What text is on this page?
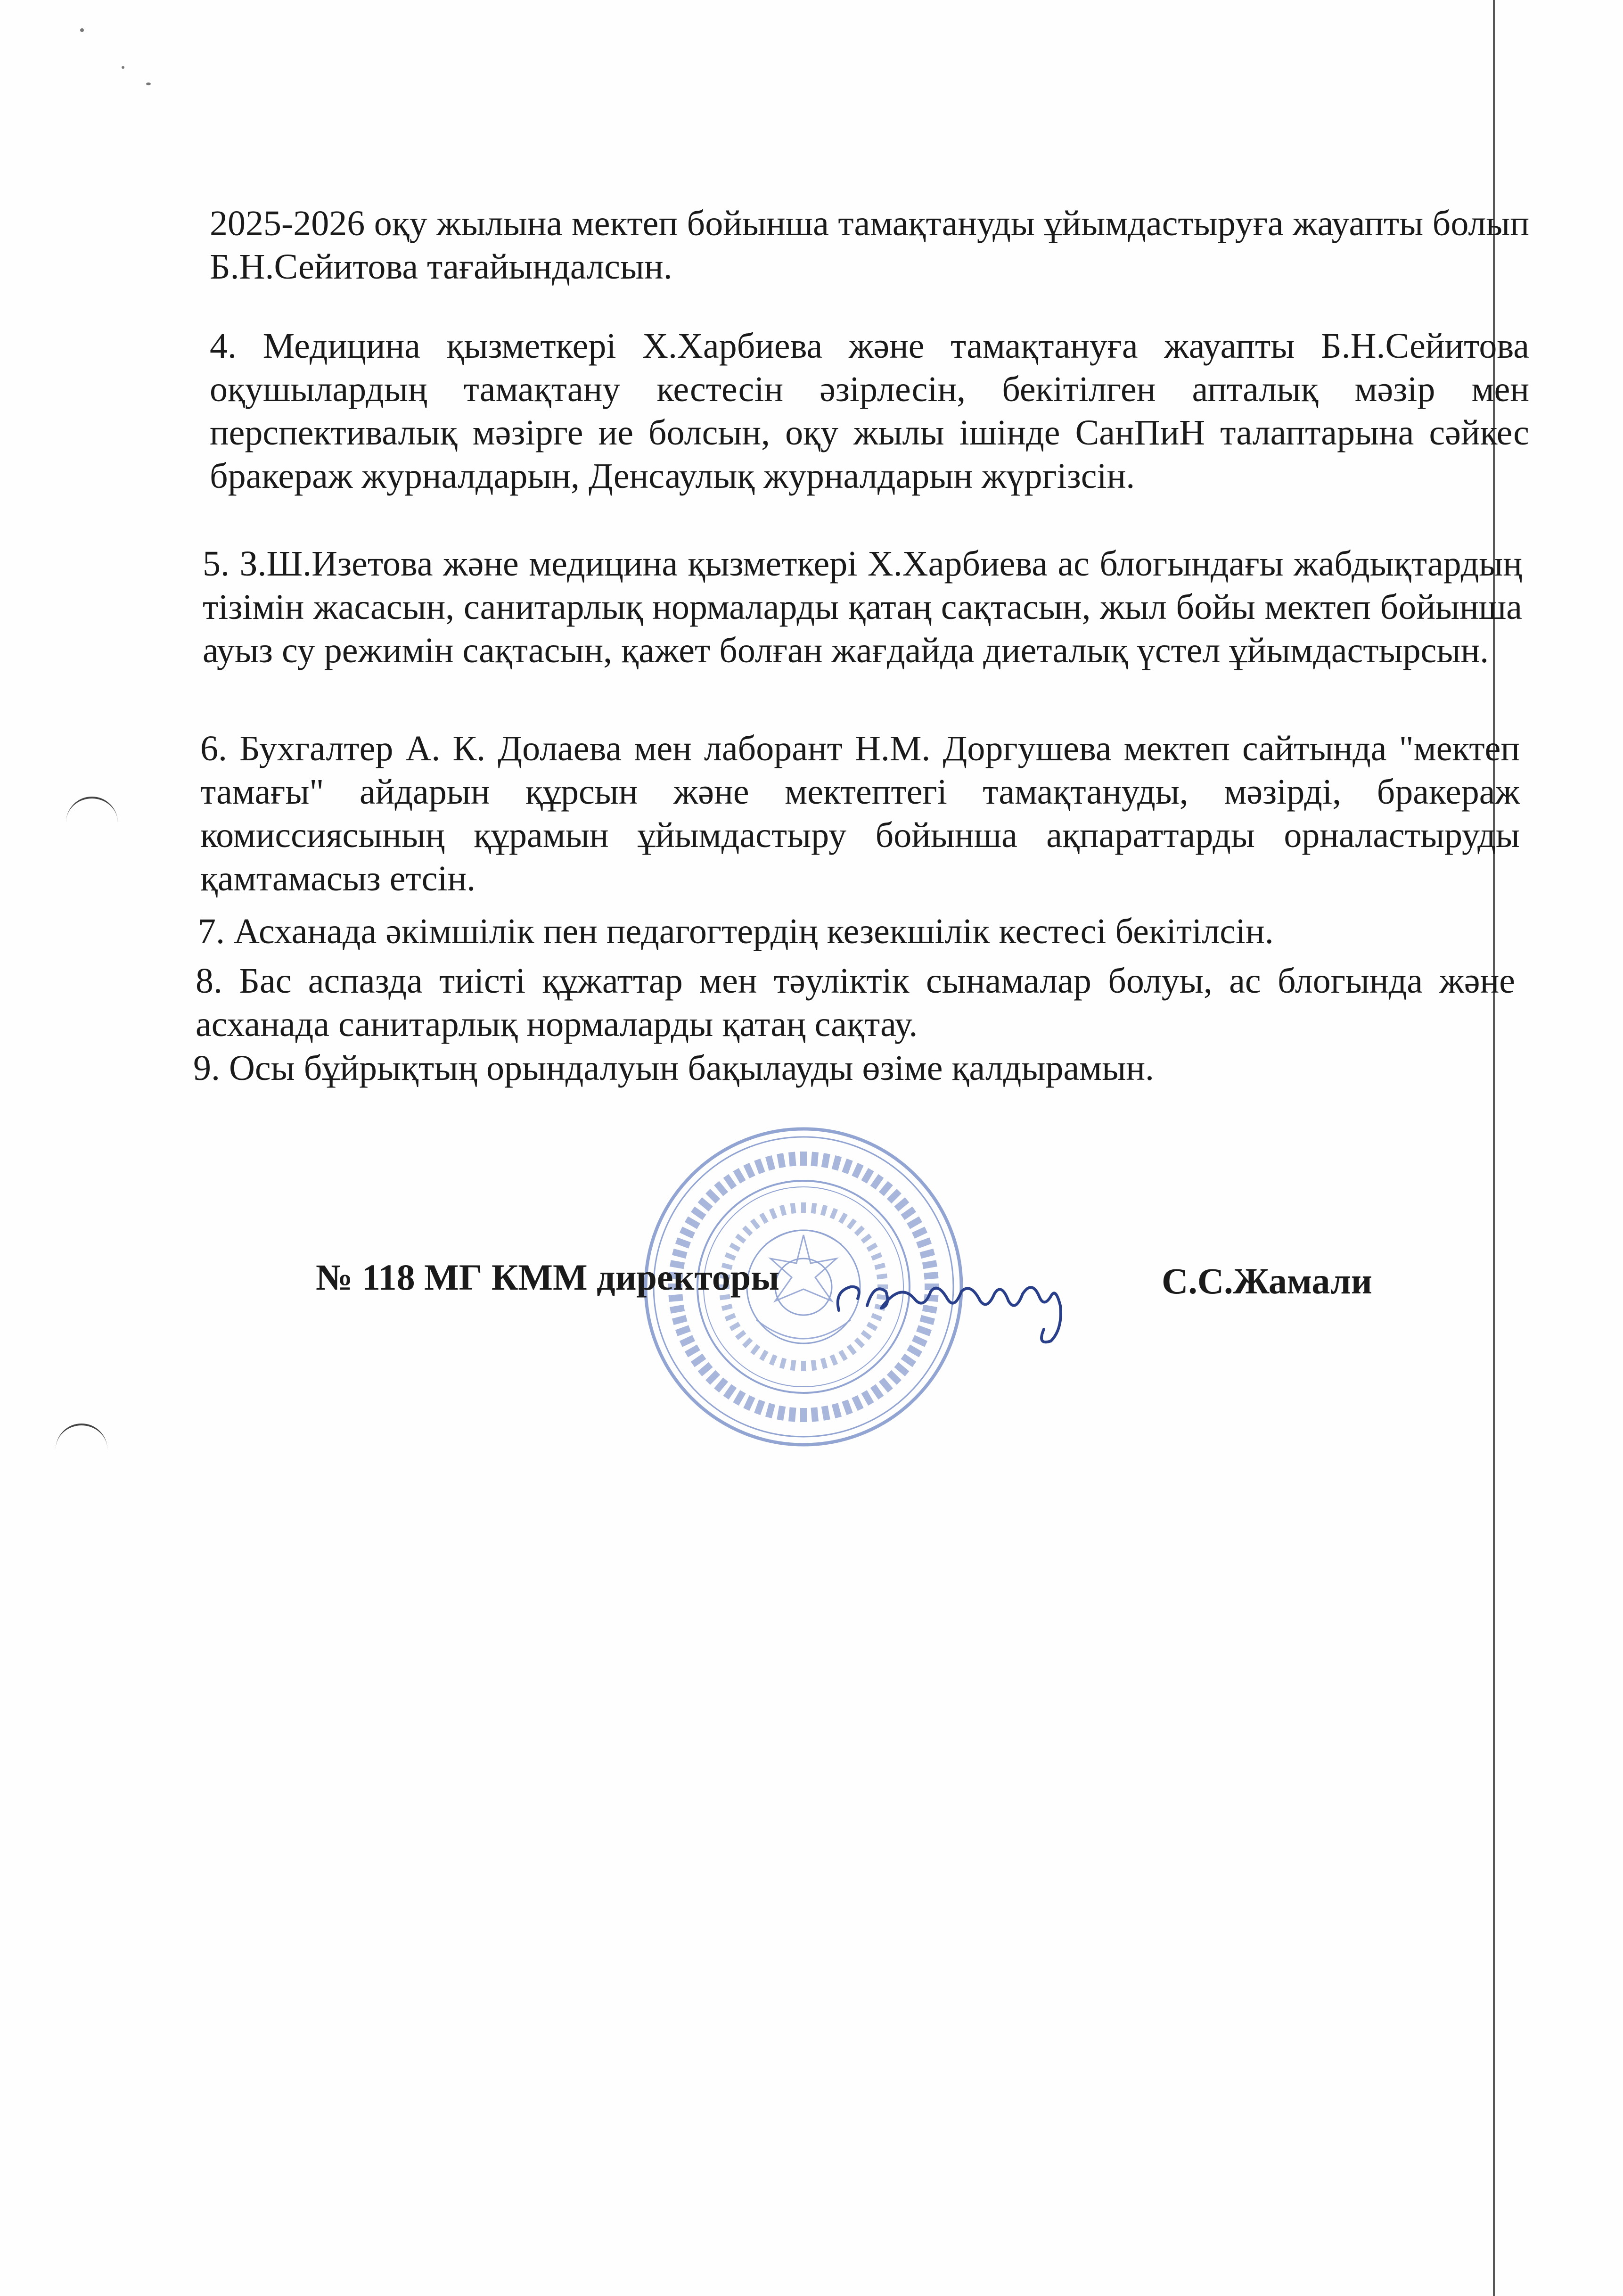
2025-2026 оқу жылына мектеп бойынша тамақтануды ұйымдастыруға жауапты болып Б.Н.Сейитова тағайындалсын.
4. Медицина қызметкері Х.Харбиева және тамақтануға жауапты Б.Н.Сейитова оқушылардың тамақтану кестесін әзірлесін, бекітілген апталық мәзір мен перспективалық мәзірге ие болсын, оқу жылы ішінде СанПиН талаптарына сәйкес бракераж журналдарын, Денсаулық журналдарын жүргізсін.
5. З.Ш.Изетова және медицина қызметкері Х.Харбиева ас блогындағы жабдықтардың тізімін жасасын, санитарлық нормаларды қатаң сақтасын, жыл бойы мектеп бойынша ауыз су режимін сақтасын, қажет болған жағдайда диеталық үстел ұйымдастырсын.
6. Бухгалтер А. К. Долаева мен лаборант Н.М. Доргушева мектеп сайтында "мектеп тамағы" айдарын құрсын және мектептегі тамақтануды, мәзірді, бракераж комиссиясының құрамын ұйымдастыру бойынша ақпараттарды орналастыруды қамтамасыз етсін.
7. Асханада әкімшілік пен педагогтердің кезекшілік кестесі бекітілсін.
8. Бас аспазда тиісті құжаттар мен тәуліктік сынамалар болуы, ас блогында және асханада санитарлық нормаларды қатаң сақтау.
9. Осы бұйрықтың орындалуын бақылауды өзіме қалдырамын.
№ 118 МГ КММ директоры	С.С.Жамали
